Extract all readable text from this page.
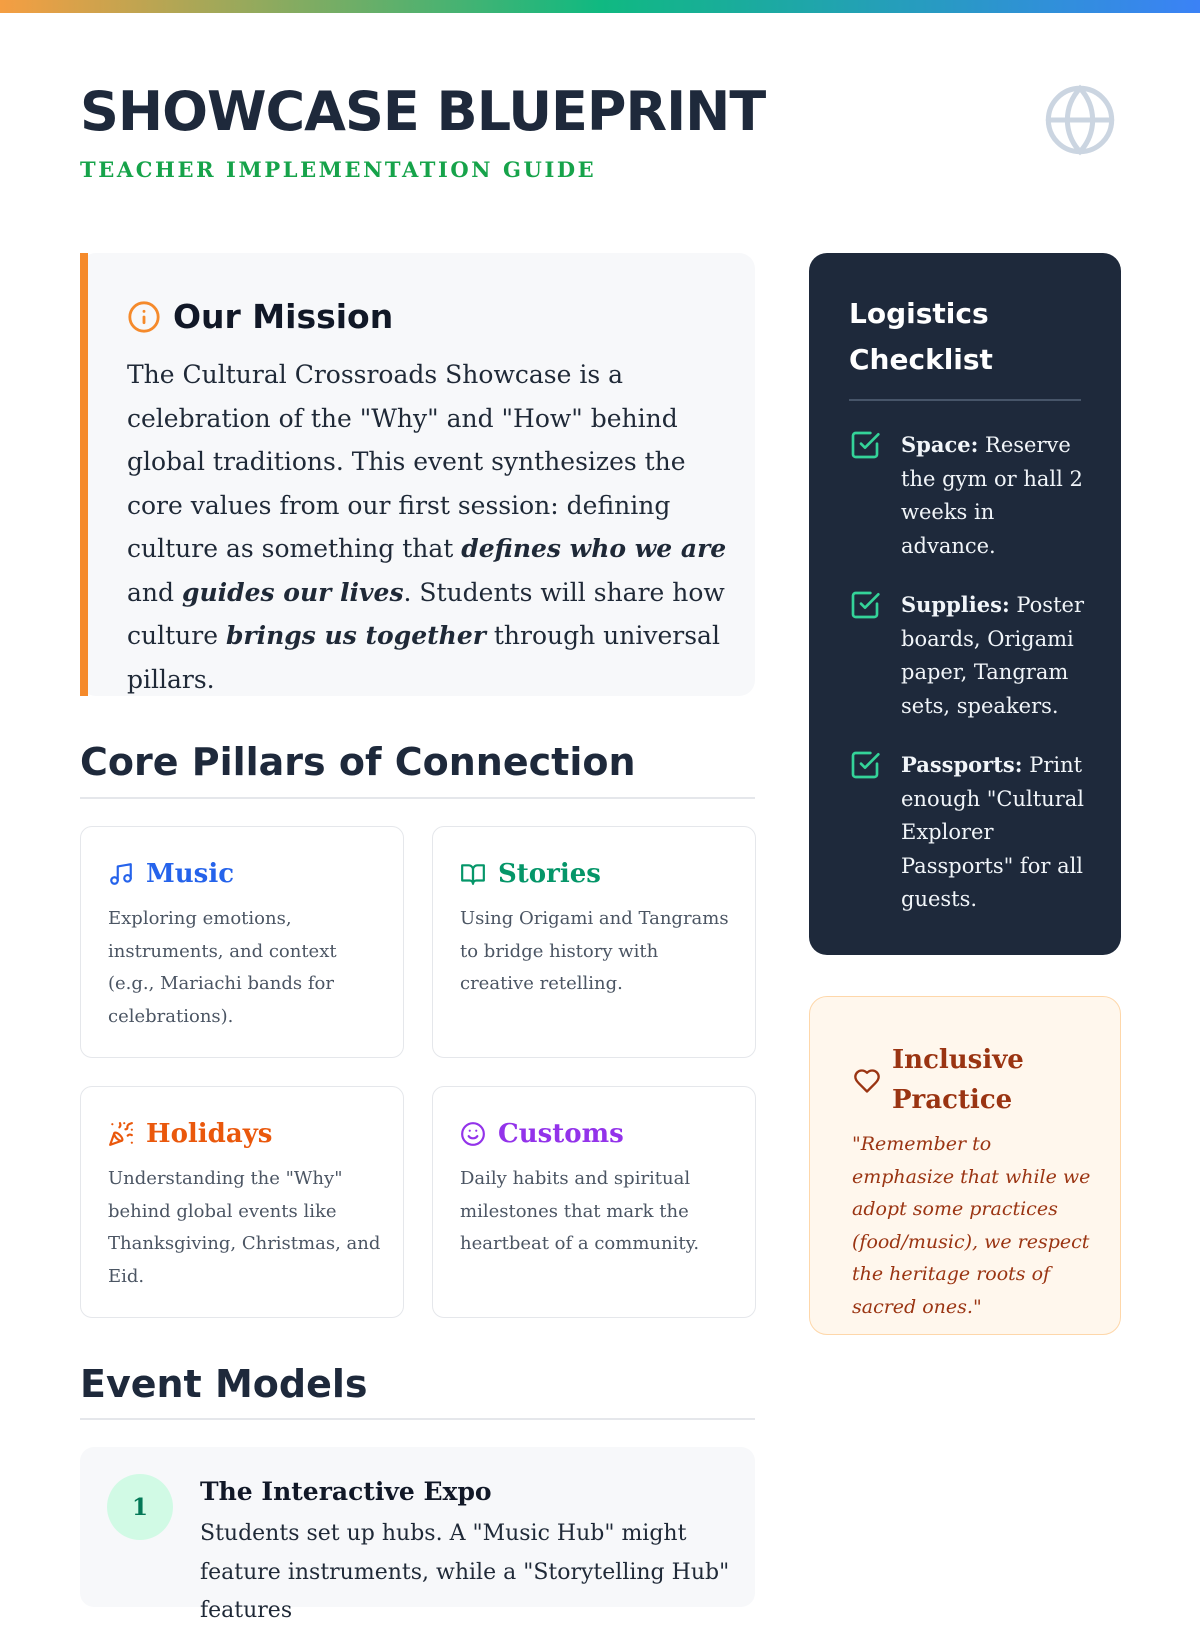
SHOWCASE BLUEPRINT
TEACHER IMPLEMENTATION GUIDE
Our Mission

The Cultural Crossroads Showcase is a celebration of the "Why" and "How" behind global traditions. This event synthesizes the core values from our first session: defining culture as something that defines who we are and guides our lives. Students will share how culture brings us together through universal pillars.

Core Pillars of Connection
Music

Exploring emotions, instruments, and context (e.g., Mariachi bands for celebrations).

Stories

Using Origami and Tangrams to bridge history with creative retelling.

Holidays

Understanding the "Why" behind global events like Thanksgiving, Christmas, and Eid.

Customs

Daily habits and spiritual milestones that mark the heartbeat of a community.

Event Models
1
The Interactive Expo

Students set up hubs. A "Music Hub" might feature instruments, while a "Storytelling Hub" features

Logistics Checklist

Space: Reserve the gym or hall 2 weeks in advance.

Supplies: Poster boards, Origami paper, Tangram sets, speakers.

Passports: Print enough "Cultural Explorer Passports" for all guests.

Inclusive Practice

"Remember to emphasize that while we adopt some practices (food/music), we respect the heritage roots of sacred ones."
